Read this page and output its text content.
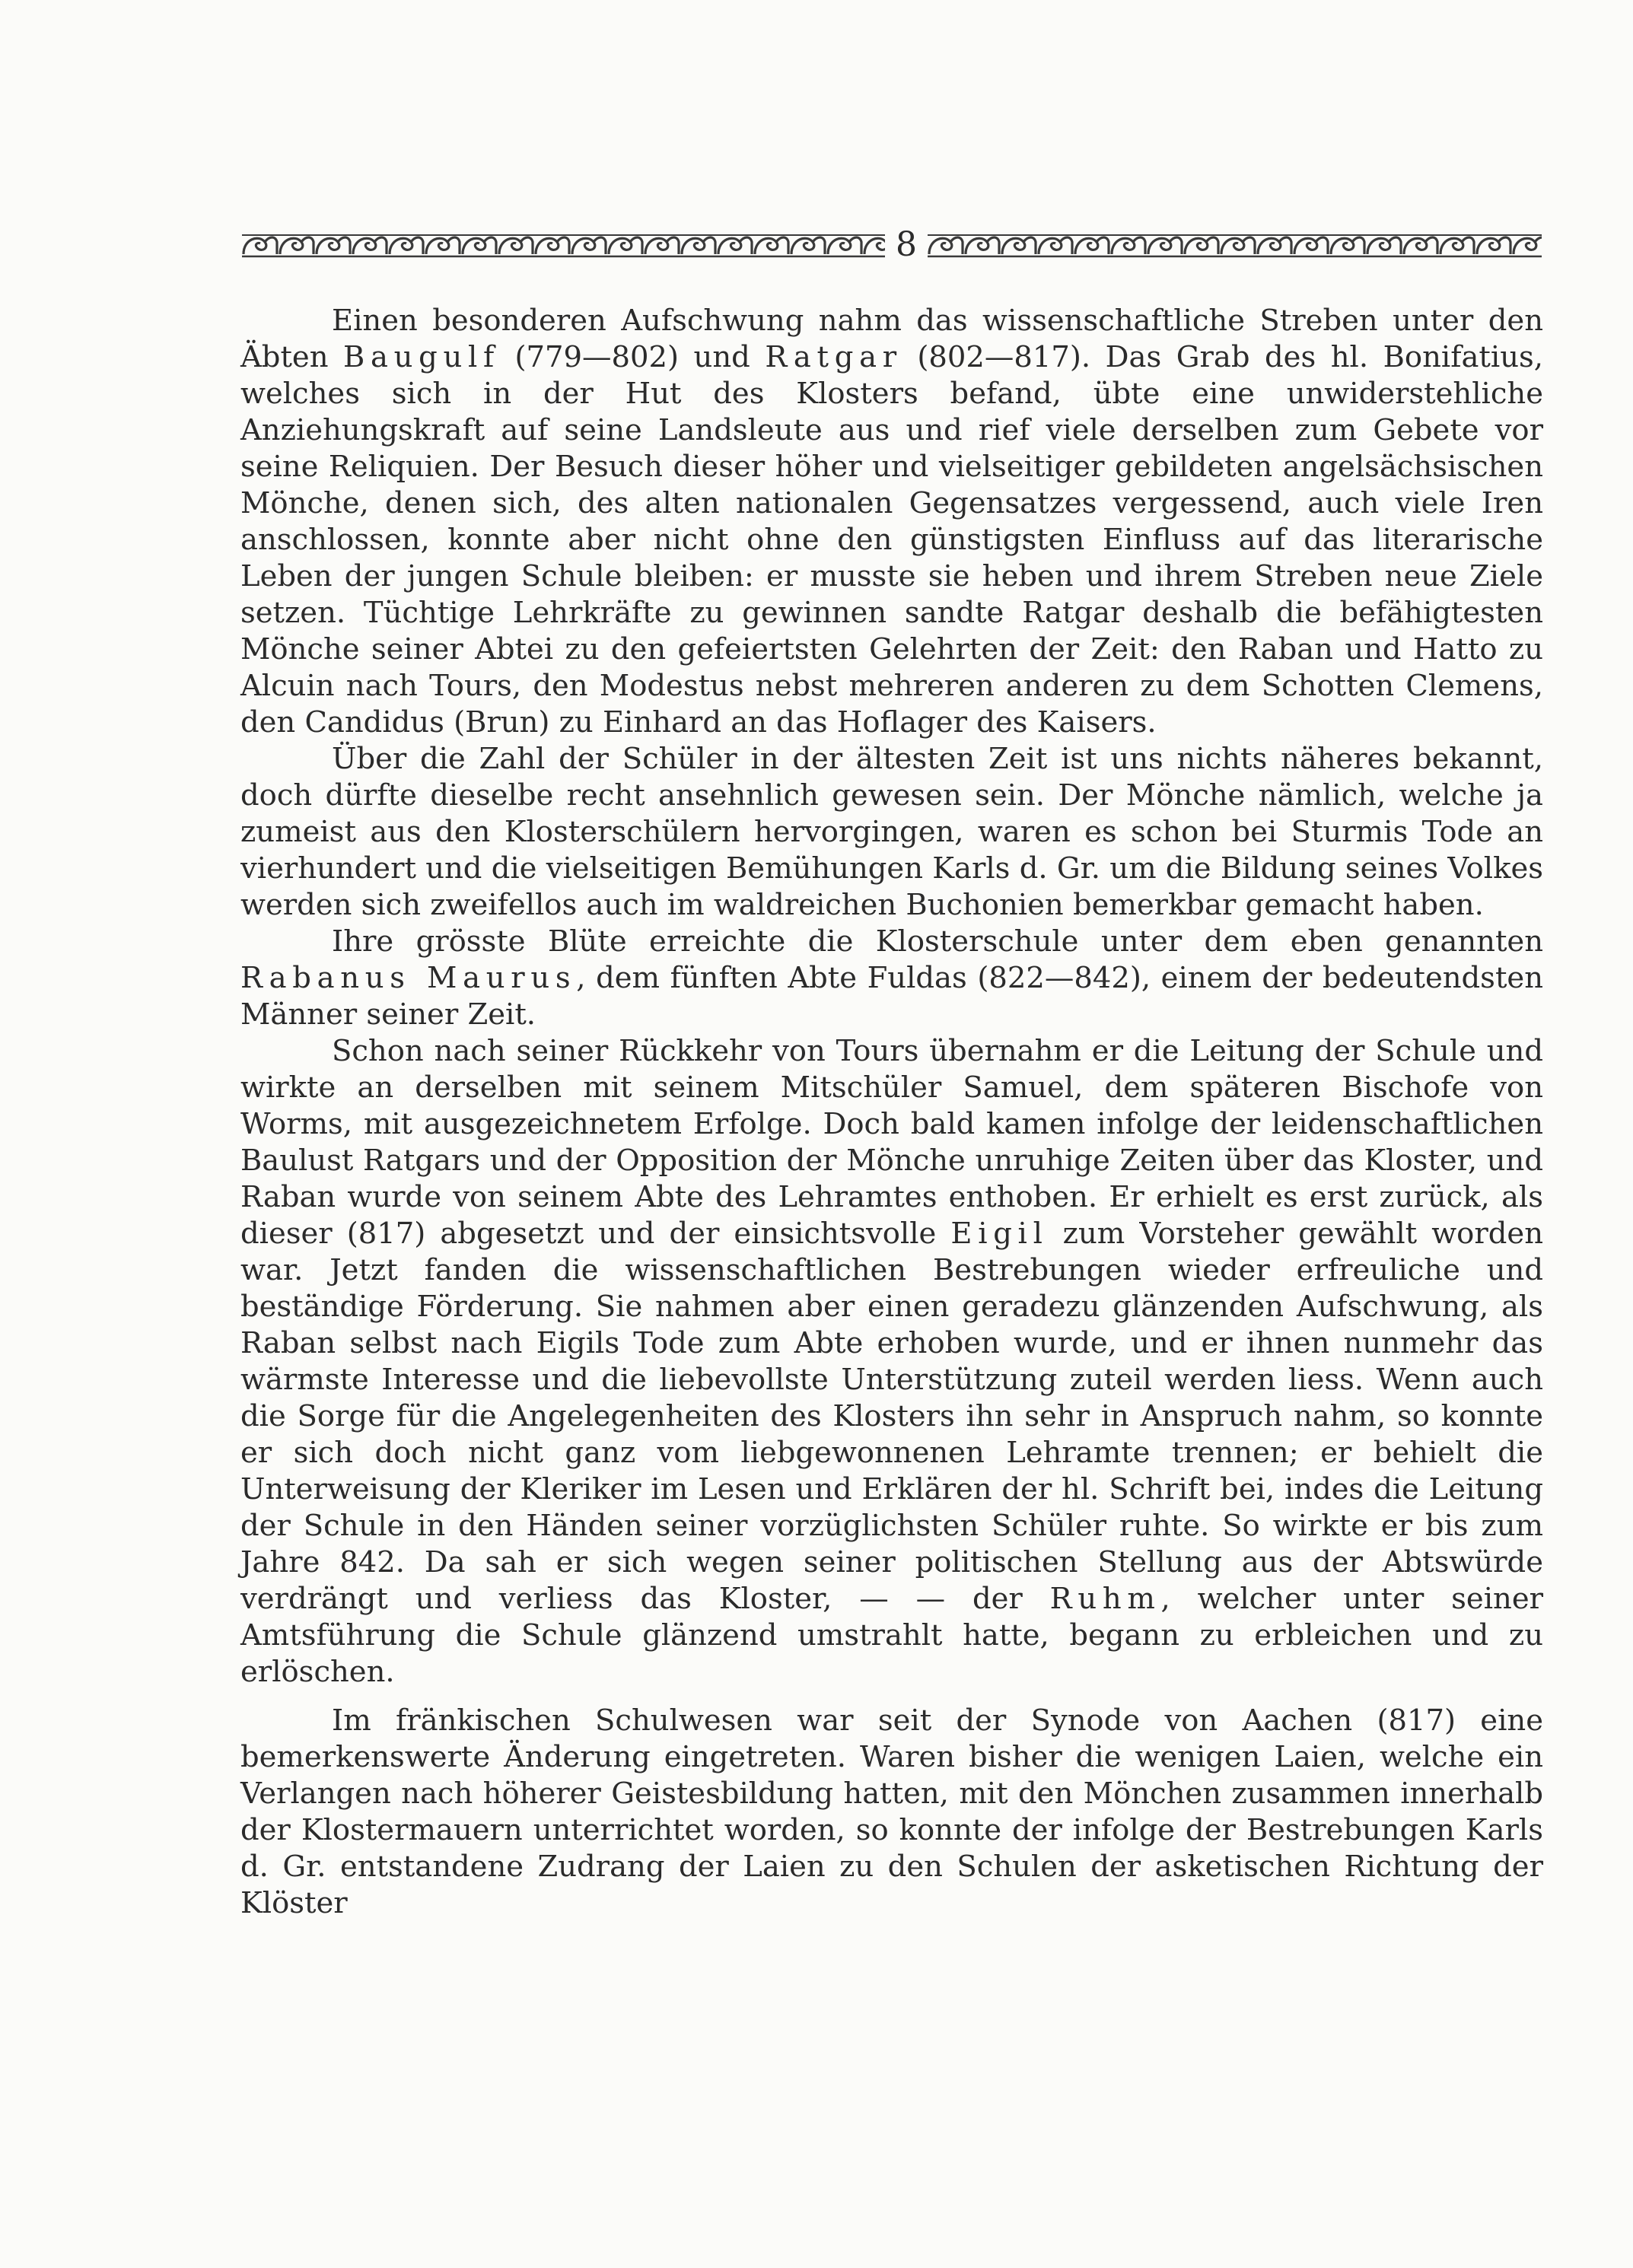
8

Einen besonderen Aufschwung nahm das wissenschaftliche Streben unter den Äbten Baugulf (779—802) und Ratgar (802—817). Das Grab des hl. Bonifatius, welches sich in der Hut des Klosters befand, übte eine unwiderstehliche Anziehungskraft auf seine Landsleute aus und rief viele derselben zum Gebete vor seine Reliquien. Der Besuch dieser höher und vielseitiger gebildeten angelsächsischen Mönche, denen sich, des alten nationalen Gegensatzes vergessend, auch viele Iren anschlossen, konnte aber nicht ohne den günstigsten Einfluss auf das literarische Leben der jungen Schule bleiben: er musste sie heben und ihrem Streben neue Ziele setzen. Tüchtige Lehrkräfte zu gewinnen sandte Ratgar deshalb die befähigtesten Mönche seiner Abtei zu den gefeiertsten Gelehrten der Zeit: den Raban und Hatto zu Alcuin nach Tours, den Modestus nebst mehreren anderen zu dem Schotten Clemens, den Candidus (Brun) zu Einhard an das Hoflager des Kaisers.

Über die Zahl der Schüler in der ältesten Zeit ist uns nichts näheres bekannt, doch dürfte dieselbe recht ansehnlich gewesen sein. Der Mönche nämlich, welche ja zumeist aus den Klosterschülern hervorgingen, waren es schon bei Sturmis Tode an vierhundert und die vielseitigen Bemühungen Karls d. Gr. um die Bildung seines Volkes werden sich zweifellos auch im waldreichen Buchonien bemerkbar gemacht haben.

Ihre grösste Blüte erreichte die Klosterschule unter dem eben genannten Rabanus Maurus, dem fünften Abte Fuldas (822—842), einem der bedeutendsten Männer seiner Zeit.

Schon nach seiner Rückkehr von Tours übernahm er die Leitung der Schule und wirkte an derselben mit seinem Mitschüler Samuel, dem späteren Bischofe von Worms, mit ausgezeichnetem Erfolge. Doch bald kamen infolge der leidenschaftlichen Baulust Ratgars und der Opposition der Mönche unruhige Zeiten über das Kloster, und Raban wurde von seinem Abte des Lehramtes enthoben. Er erhielt es erst zurück, als dieser (817) abgesetzt und der einsichtsvolle Eigil zum Vorsteher gewählt worden war. Jetzt fanden die wissenschaftlichen Bestrebungen wieder erfreuliche und beständige Förderung. Sie nahmen aber einen geradezu glänzenden Aufschwung, als Raban selbst nach Eigils Tode zum Abte erhoben wurde, und er ihnen nunmehr das wärmste Interesse und die liebevollste Unterstützung zuteil werden liess. Wenn auch die Sorge für die Angelegenheiten des Klosters ihn sehr in Anspruch nahm, so konnte er sich doch nicht ganz vom liebgewonnenen Lehramte trennen; er behielt die Unterweisung der Kleriker im Lesen und Erklären der hl. Schrift bei, indes die Leitung der Schule in den Händen seiner vorzüglichsten Schüler ruhte. So wirkte er bis zum Jahre 842. Da sah er sich wegen seiner politischen Stellung aus der Abtswürde verdrängt und verliess das Kloster, — — der Ruhm, welcher unter seiner Amtsführung die Schule glänzend umstrahlt hatte, begann zu erbleichen und zu erlöschen.

Im fränkischen Schulwesen war seit der Synode von Aachen (817) eine bemerkenswerte Änderung eingetreten. Waren bisher die wenigen Laien, welche ein Verlangen nach höherer Geistesbildung hatten, mit den Mönchen zusammen innerhalb der Klostermauern unterrichtet worden, so konnte der infolge der Bestrebungen Karls d. Gr. entstandene Zudrang der Laien zu den Schulen der asketischen Richtung der Klöster
